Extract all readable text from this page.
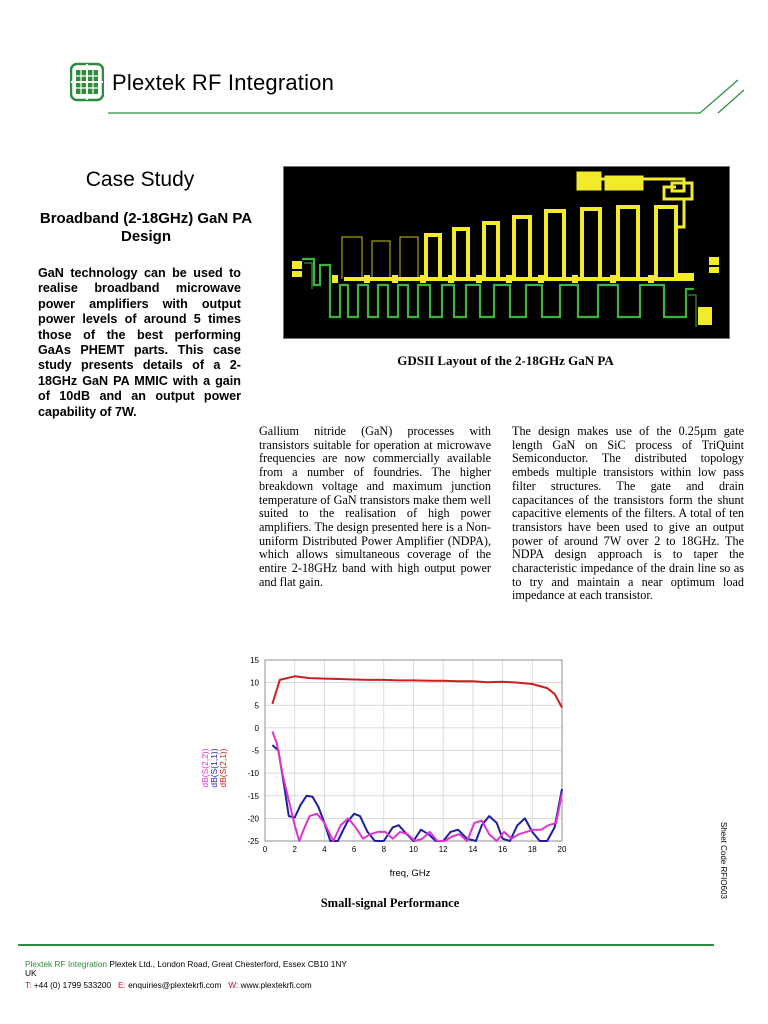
Plextek RF Integration
Case Study
Broadband (2-18GHz) GaN PA Design
GaN technology can be used to realise broadband microwave power amplifiers with output power levels of around 5 times those of the best performing GaAs PHEMT parts. This case study presents details of a 2-18GHz GaN PA MMIC with a gain of 10dB and an output power capability of 7W.
GDSII Layout of the 2-18GHz GaN PA
Gallium nitride (GaN) processes with transistors suitable for operation at microwave frequencies are now commercially available from a number of foundries. The higher breakdown voltage and maximum junction temperature of GaN transistors make them well suited to the realisation of high power amplifiers. The design presented here is a Non-uniform Distributed Power Amplifier (NDPA), which allows simultaneous coverage of the entire 2-18GHz band with high output power and flat gain.
The design makes use of the 0.25µm gate length GaN on SiC process of TriQuint Semiconductor. The distributed topology embeds multiple transistors within low pass filter structures. The gate and drain capacitances of the transistors form the shunt capacitive elements of the filters. A total of ten transistors have been used to give an output power of around 7W over 2 to 18GHz. The NDPA design approach is to taper the characteristic impedance of the drain line so as to try and maintain a near optimum load impedance at each transistor.
0	2	4	6	8	10	12	14	16	18	20
15
10
5
0
-5
-10
-15
-20
-25
dB(S(2,2)) dB(S(1,1)) dB(S(2,1))
freq, GHz
Small-signal Performance
Sheet Code RFIO603
Plextek RF Integration Plextek Ltd., London Road, Great Chesterford, Essex CB10 1NY
UK
T: +44 (0) 1799 533200 E: enquiries@plextekrfi.com W: www.plextekrfi.com
